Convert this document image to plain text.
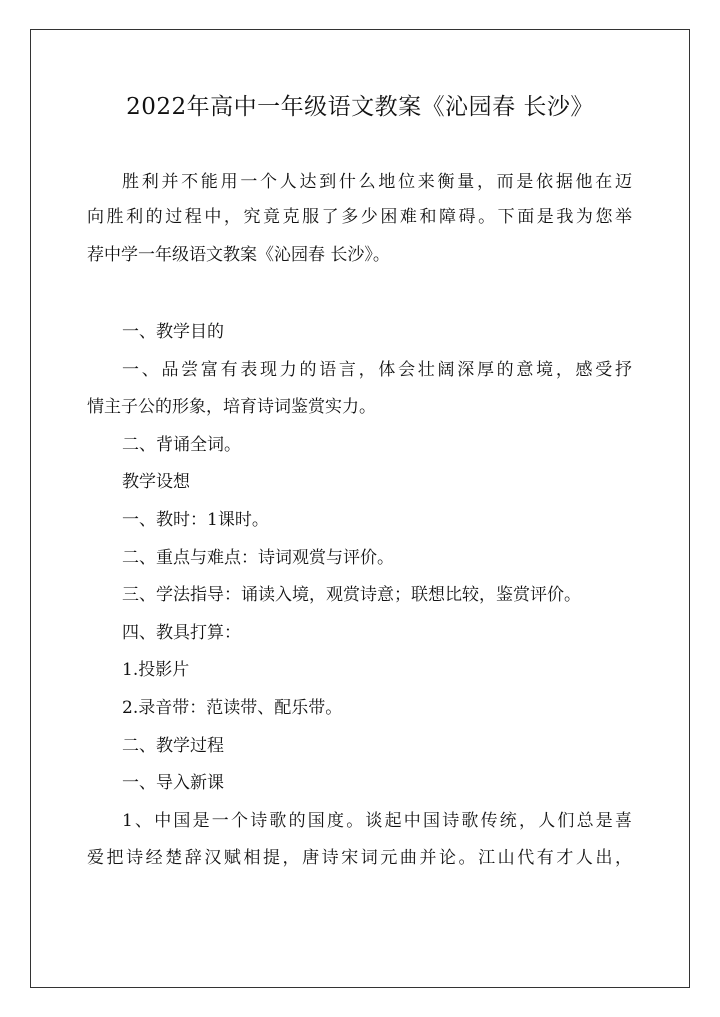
2022年高中一年级语文教案《沁园春 长沙》
胜利并不能用一个人达到什么地位来衡量，而是依据他在迈
向胜利的过程中，究竟克服了多少困难和障碍。下面是我为您举
荐中学一年级语文教案《沁园春 长沙》。
一、教学目的
一、品尝富有表现力的语言，体会壮阔深厚的意境，感受抒
情主子公的形象，培育诗词鉴赏实力。
二、背诵全词。
教学设想
一、教时：1课时。
二、重点与难点：诗词观赏与评价。
三、学法指导：诵读入境，观赏诗意；联想比较，鉴赏评价。
四、教具打算：
1.投影片
2.录音带：范读带、配乐带。
二、教学过程
一、导入新课
1、中国是一个诗歌的国度。谈起中国诗歌传统，人们总是喜
爱把诗经楚辞汉赋相提，唐诗宋词元曲并论。江山代有才人出，
